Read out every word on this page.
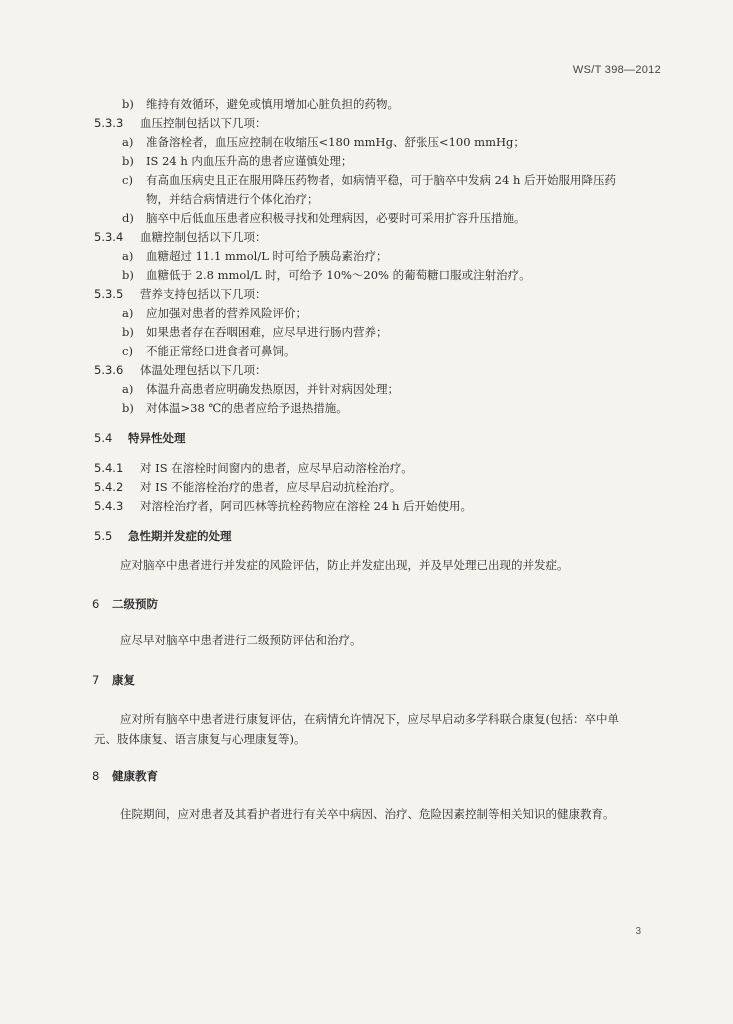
WS/T 398—2012
b) 维持有效循环，避免或慎用增加心脏负担的药物。
5.3.3 血压控制包括以下几项：
a) 准备溶栓者，血压应控制在收缩压<180 mmHg、舒张压<100 mmHg；
b) IS 24 h 内血压升高的患者应谨慎处理；
c) 有高血压病史且正在服用降压药物者，如病情平稳，可于脑卒中发病 24 h 后开始服用降压药
物，并结合病情进行个体化治疗；
d) 脑卒中后低血压患者应积极寻找和处理病因，必要时可采用扩容升压措施。
5.3.4 血糖控制包括以下几项：
a) 血糖超过 11.1 mmol/L 时可给予胰岛素治疗；
b) 血糖低于 2.8 mmol/L 时，可给予 10%～20% 的葡萄糖口服或注射治疗。
5.3.5 营养支持包括以下几项：
a) 应加强对患者的营养风险评价；
b) 如果患者存在吞咽困难，应尽早进行肠内营养；
c) 不能正常经口进食者可鼻饲。
5.3.6 体温处理包括以下几项：
a) 体温升高患者应明确发热原因，并针对病因处理；
b) 对体温>38 ℃的患者应给予退热措施。
5.4 特异性处理
5.4.1 对 IS 在溶栓时间窗内的患者，应尽早启动溶栓治疗。
5.4.2 对 IS 不能溶栓治疗的患者，应尽早启动抗栓治疗。
5.4.3 对溶栓治疗者，阿司匹林等抗栓药物应在溶栓 24 h 后开始使用。
5.5 急性期并发症的处理
应对脑卒中患者进行并发症的风险评估，防止并发症出现，并及早处理已出现的并发症。
6 二级预防
应尽早对脑卒中患者进行二级预防评估和治疗。
7 康复
应对所有脑卒中患者进行康复评估，在病情允许情况下，应尽早启动多学科联合康复(包括：卒中单
元、肢体康复、语言康复与心理康复等)。
8 健康教育
住院期间，应对患者及其看护者进行有关卒中病因、治疗、危险因素控制等相关知识的健康教育。
3
